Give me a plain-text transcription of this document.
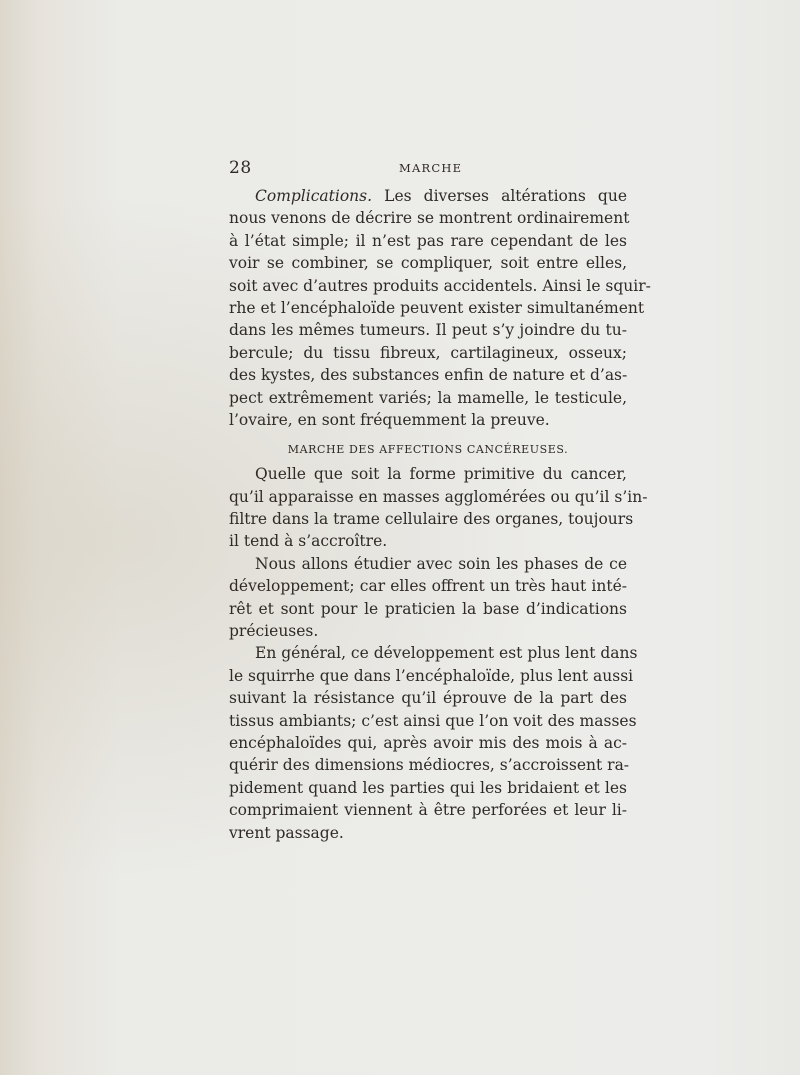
28	MARCHE
Complications. Les diverses altérations que
nous venons de décrire se montrent ordinairement
à l’état simple; il n’est pas rare cependant de les
voir se combiner, se compliquer, soit entre elles,
soit avec d’autres produits accidentels. Ainsi le squir-
rhe et l’encéphaloïde peuvent exister simultanément
dans les mêmes tumeurs. Il peut s’y joindre du tu-
bercule; du tissu fibreux, cartilagineux, osseux;
des kystes, des substances enfin de nature et d’as-
pect extrêmement variés; la mamelle, le testicule,
l’ovaire, en sont fréquemment la preuve.
MARCHE DES AFFECTIONS CANCÉREUSES.
Quelle que soit la forme primitive du cancer,
qu’il apparaisse en masses agglomérées ou qu’il s’in-
filtre dans la trame cellulaire des organes, toujours
il tend à s’accroître.
Nous allons étudier avec soin les phases de ce
développement; car elles offrent un très haut inté-
rêt et sont pour le praticien la base d’indications
précieuses.
En général, ce développement est plus lent dans
le squirrhe que dans l’encéphaloïde, plus lent aussi
suivant la résistance qu’il éprouve de la part des
tissus ambiants; c’est ainsi que l’on voit des masses
encéphaloïdes qui, après avoir mis des mois à ac-
quérir des dimensions médiocres, s’accroissent ra-
pidement quand les parties qui les bridaient et les
comprimaient viennent à être perforées et leur li-
vrent passage.
